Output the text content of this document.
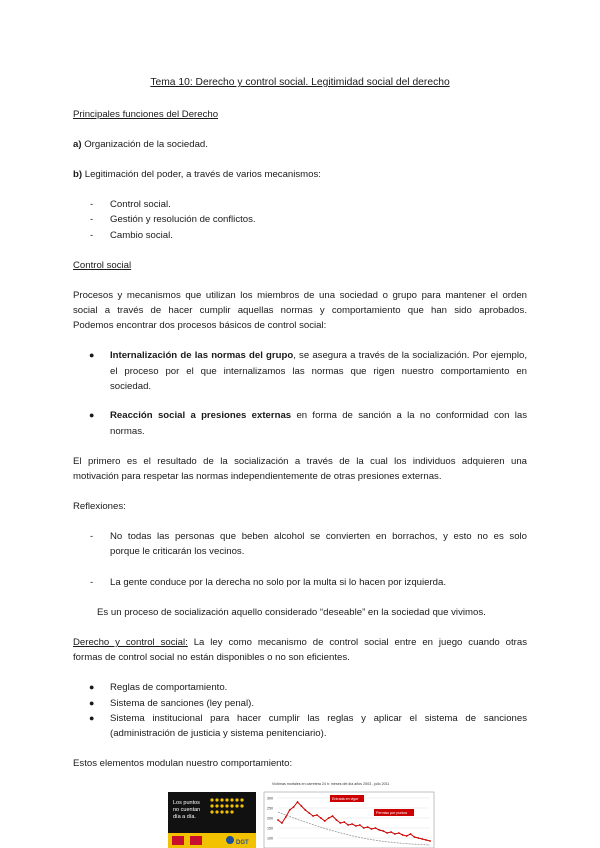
Tema 10: Derecho y control social. Legitimidad social del derecho

Principales funciones del Derecho

a) Organización de la sociedad.

b) Legitimación del poder, a través de varios mecanismos:

- Control social.

- Gestión y resolución de conflictos.

- Cambio social.

Control social

Procesos y mecanismos que utilizan los miembros de una sociedad o grupo para mantener el orden

social a través de hacer cumplir aquellas normas y comportamiento que han sido aprobados.

Podemos encontrar dos procesos básicos de control social:

● Internalización de las normas del grupo, se asegura a través de la socialización. Por ejemplo,

el proceso por el que internalizamos las normas que rigen nuestro comportamiento en

sociedad.

● Reacción social a presiones externas en forma de sanción a la no conformidad con las

normas.

El primero es el resultado de la socialización a través de la cual los individuos adquieren una

motivación para respetar las normas independientemente de otras presiones externas.

Reflexiones:

- No todas las personas que beben alcohol se convierten en borrachos, y esto no es solo

porque le criticarán los vecinos.

- La gente conduce por la derecha no solo por la multa si lo hacen por izquierda.

Es un proceso de socialización aquello considerado “deseable” en la sociedad que vivimos.

Derecho y control social: La ley como mecanismo de control social entre en juego cuando otras

formas de control social no están disponibles o no son eficientes.

● Reglas de comportamiento.

● Sistema de sanciones (ley penal).

● Sistema institucional para hacer cumplir las reglas y aplicar el sistema de sanciones

(administración de justicia y sistema penitenciario).

Estos elementos modulan nuestro comportamiento:

Los puntos
no cuentan
día a día.
DGT
Víctimas mortales en carretera 24 h: meses del día años 2003 - julio 2011
300
250
200
150
100
Entrada en vigor
Permiso por puntos
